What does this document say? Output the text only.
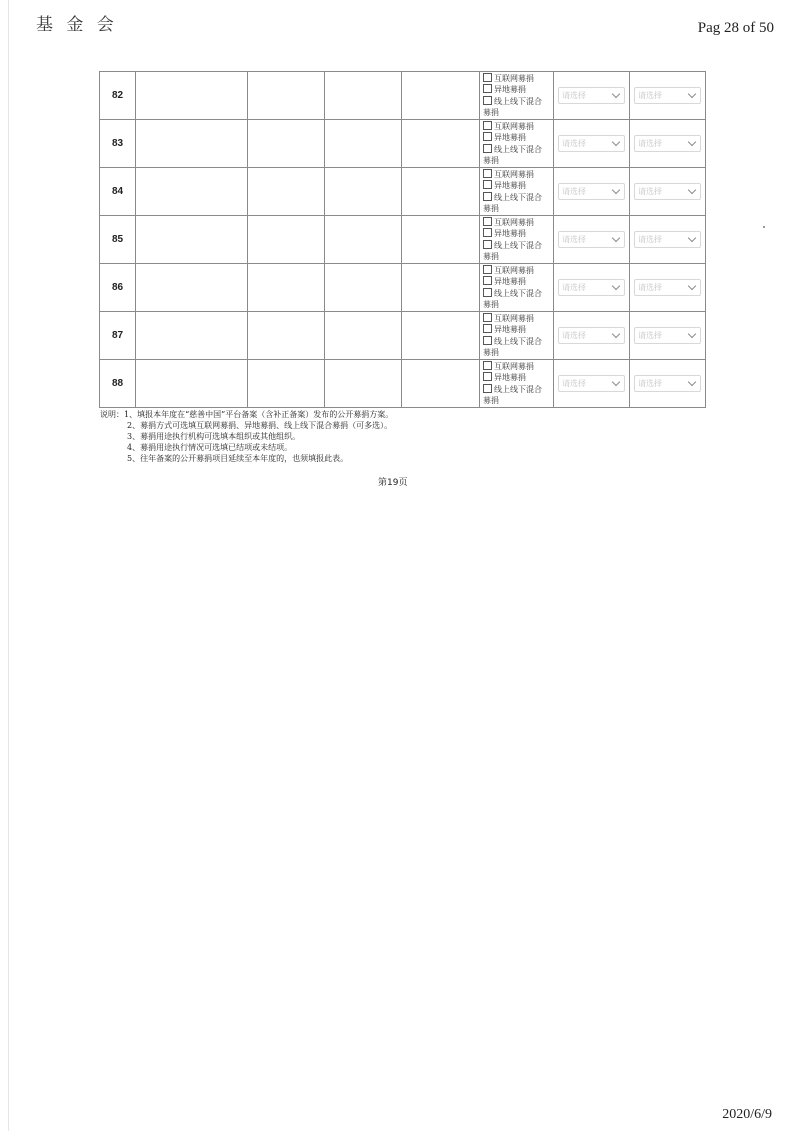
基 金 会	Pag 28 of 50
82					互联网募捐
异地募捐
线上线下混合
募捐	请选择	请选择

83					互联网募捐
异地募捐
线上线下混合
募捐	请选择	请选择

84					互联网募捐
异地募捐
线上线下混合
募捐	请选择	请选择

85					互联网募捐
异地募捐
线上线下混合
募捐	请选择	请选择

86					互联网募捐
异地募捐
线上线下混合
募捐	请选择	请选择

87					互联网募捐
异地募捐
线上线下混合
募捐	请选择	请选择

88					互联网募捐
异地募捐
线上线下混合
募捐	请选择	请选择
说明：1、填报本年度在“慈善中国”平台备案（含补正备案）发布的公开募捐方案。
2、募捐方式可选填互联网募捐、异地募捐、线上线下混合募捐（可多选）。
3、募捐用途执行机构可选填本组织或其他组织。
4、募捐用途执行情况可选填已结项或未结项。
5、往年备案的公开募捐项目延续至本年度的，也须填报此表。
第19页
2020/6/9
